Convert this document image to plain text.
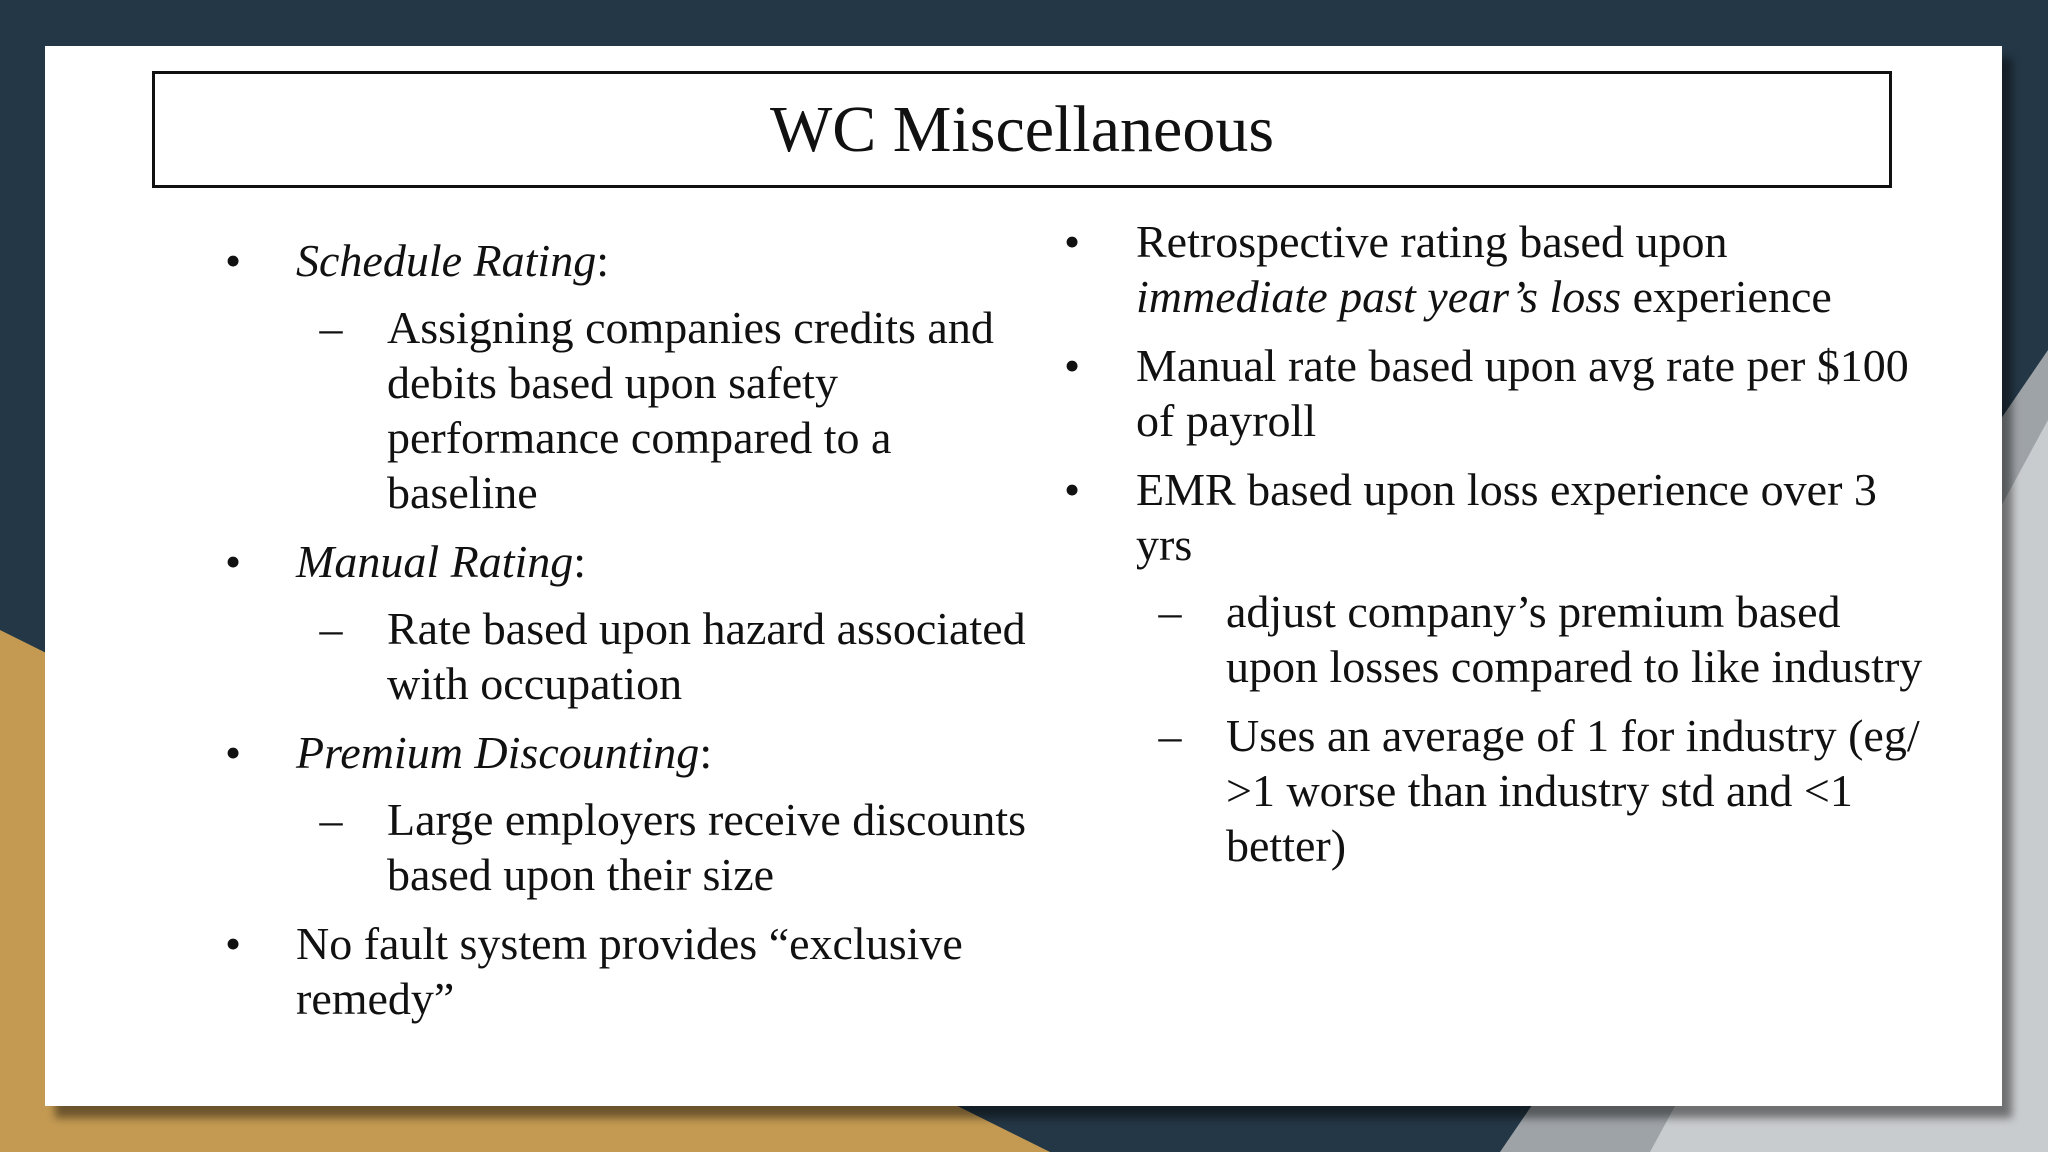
WC Miscellaneous
• Schedule Rating:
– Assigning companies credits and debits based upon safety performance compared to a baseline
• Manual Rating:
– Rate based upon hazard associated with occupation
• Premium Discounting:
– Large employers receive discounts based upon their size
• No fault system provides “exclusive remedy”
• Retrospective rating based upon immediate past year’s loss experience
• Manual rate based upon avg rate per $100 of payroll
• EMR based upon loss experience over 3 yrs
– adjust company’s premium based upon losses compared to like industry
– Uses an average of 1 for industry (eg/ >1 worse than industry std and <1 better)
